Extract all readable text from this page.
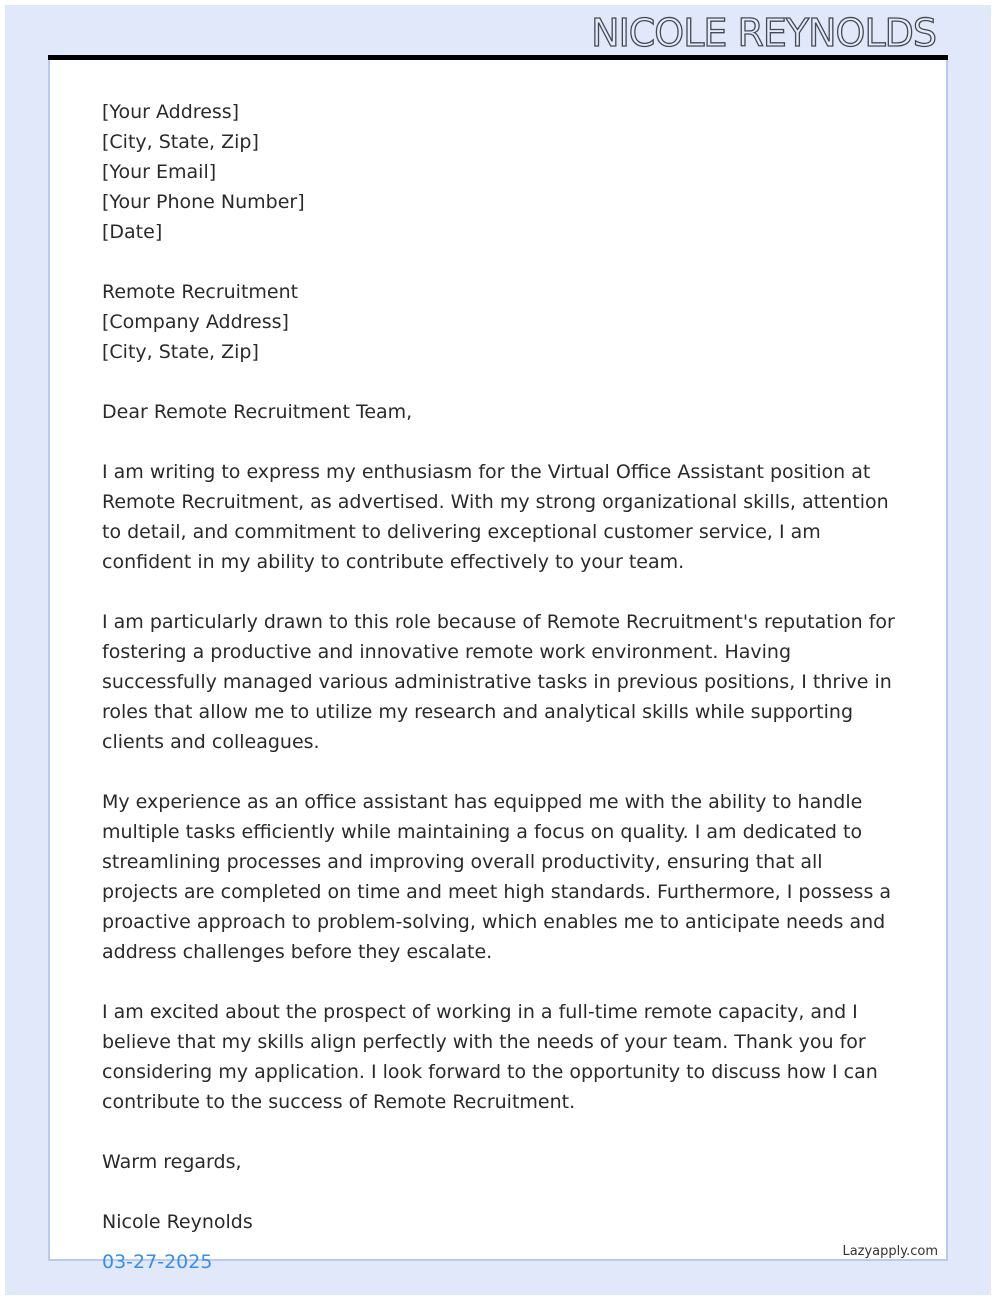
NICOLE REYNOLDS
[Your Address]
[City, State, Zip]
[Your Email]
[Your Phone Number]
[Date]
Remote Recruitment
[Company Address]
[City, State, Zip]

Dear Remote Recruitment Team,

I am writing to express my enthusiasm for the Virtual Office Assistant position at Remote Recruitment, as advertised. With my strong organizational skills, attention to detail, and commitment to delivering exceptional customer service, I am confident in my ability to contribute effectively to your team.

I am particularly drawn to this role because of Remote Recruitment's reputation for fostering a productive and innovative remote work environment. Having successfully managed various administrative tasks in previous positions, I thrive in roles that allow me to utilize my research and analytical skills while supporting clients and colleagues.

My experience as an office assistant has equipped me with the ability to handle multiple tasks efficiently while maintaining a focus on quality. I am dedicated to streamlining processes and improving overall productivity, ensuring that all projects are completed on time and meet high standards. Furthermore, I possess a proactive approach to problem-solving, which enables me to anticipate needs and address challenges before they escalate.

I am excited about the prospect of working in a full-time remote capacity, and I believe that my skills align perfectly with the needs of your team. Thank you for considering my application. I look forward to the opportunity to discuss how I can contribute to the success of Remote Recruitment.

Warm regards,

Nicole Reynolds

03-27-2025	Lazyapply.com
